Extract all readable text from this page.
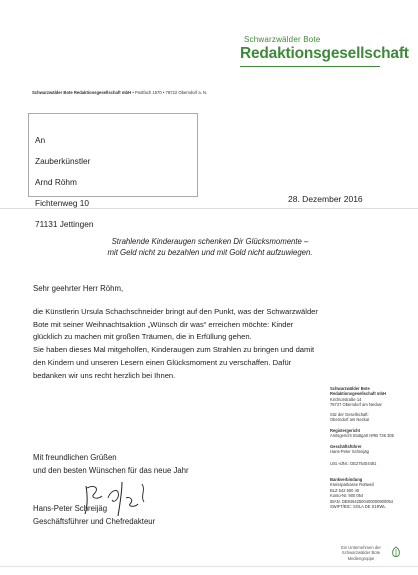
Schwarzwälder Bote
Redaktionsgesellschaft
Schwarzwälder Bote Redaktionsgesellschaft mbH • Postfach 1570 • 78722 Oberndorf a. N.

An

Zauberkünstler

Arnd Röhm

Fichtenweg 10

71131 Jettingen

28. Dezember 2016
Strahlende Kinderaugen schenken Dir Glücksmomente –
mit Geld nicht zu bezahlen und mit Gold nicht aufzuwiegen.
Sehr geehrter Herr Röhm,
die Künstlerin Ursula Schachschneider bringt auf den Punkt, was der Schwarzwälder
Bote mit seiner Weihnachtsaktion „Wünsch dir was“ erreichen möchte: Kinder
glücklich zu machen mit großen Träumen, die in Erfüllung gehen.
Sie haben dieses Mal mitgeholfen, Kinderaugen zum Strahlen zu bringen und damit
den Kindern und unseren Lesern einen Glücksmoment zu verschaffen. Dafür
bedanken wir uns recht herzlich bei Ihnen.
Schwarzwälder Bote
Redaktionsgesellschaft mbH
Kirchtorstraße 14
78727 Oberndorf am Neckar
Sitz der Gesellschaft:
Oberndorf am Neckar
Registergericht
Amtsgericht Stuttgart HRB 736 305
Geschäftsführer
Hans-Peter Schreijäg
USt.-IdNr.: DE275404481
Bankverbindung
Kreissparkasse Rottweil
BLZ 642 500 40
Konto-Nr. 900 054
IBAN: DE84642500400000900054
SWIFT/BIC: SOLA DE S1RWL
Mit freundlichen Grüßen
und den besten Wünschen für das neue Jahr
Hans-Peter Schreijäg
Geschäftsführer und Chefredakteur
Ein Unternehmen der
Schwarzwälder Bote
Mediengruppe
